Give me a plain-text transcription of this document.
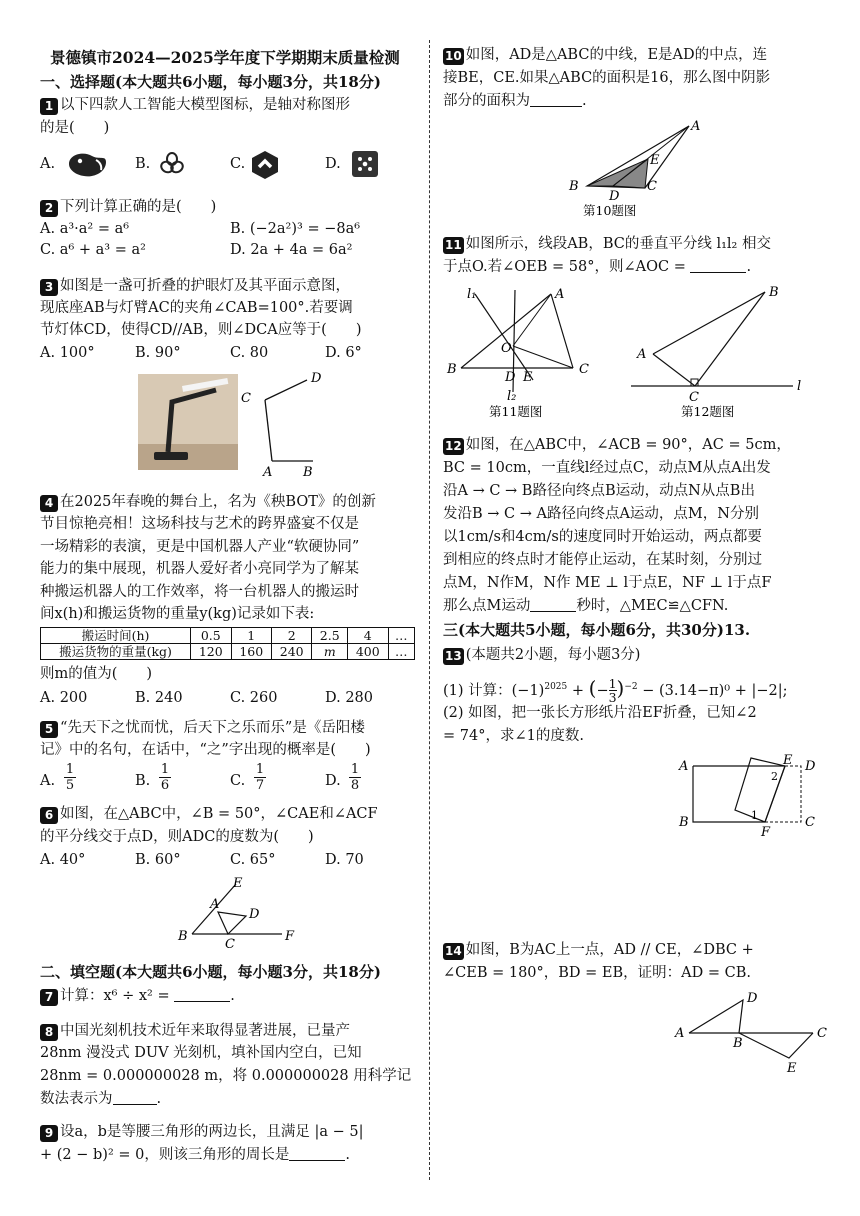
景德镇市2024—2025学年度下学期期末质量检测
一、选择题(本大题共6小题，每小题3分，共18分)
1 以下四款人工智能大模型图标，是轴对称图形
的是(　　)
A.	B.	C.	D.
2 下列计算正确的是(　　)
A. a³·a² = a⁶	B. (−2a²)³ = −8a⁶
C. a⁶ + a³ = a²	D. 2a + 4a = 6a²
3 如图是一盏可折叠的护眼灯及其平面示意图，
现底座AB与灯臂AC的夹角∠CAB=100°.若要调
节灯体CD，使得CD//AB，则∠DCA应等于(　　)
A. 100°	B. 90°	C. 80	D. 6°
C
D
A B
4 在2025年春晚的舞台上，名为《秧BOT》的创新
节目惊艳亮相！这场科技与艺术的跨界盛宴不仅是
一场精彩的表演，更是中国机器人产业“软硬协同”
能力的集中展现，机器人爱好者小亮同学为了解某
种搬运机器人的工作效率，将一台机器人的搬运时
间x(h)和搬运货物的重量y(kg)记录如下表:
搬运时间(h)	0.5	1	2	2.5	4	…
搬运货物的重量(kg)	120	160	240	m	400	…
则m的值为(　　)
A. 200	B. 240	C. 260	D. 280
5 “先天下之忧而忧，后天下之乐而乐”是《岳阳楼
记》中的名句，在话中，“之”字出现的概率是(　　)
A.
1
5	B.
1
6	C.
1
7	D.
1
8
6 如图，在△ABC中，∠B = 50°，∠CAE和∠ACF
的平分线交于点D，则ADC的度数为(　　)
A. 40°	B. 60°	C. 65°	D. 70
E
A
D
B
C
F
二、填空题(本大题共6小题，每小题3分，共18分)
7 计算：x⁶ ÷ x² =	.
8 中国光刻机技术近年来取得显著进展，已量产
28nm 漫没式 DUV 光刻机，填补国内空白，已知
28nm = 0.000000028 m，将 0.000000028 用科学记
数法表示为	.
9 设a，b是等腰三角形的两边长，且满足 |a − 5|
+ (2 − b)² = 0，则该三角形的周长是	.
10 如图，AD是△ABC的中线，E是AD的中点，连
接BE，CE.如果△ABC的面积是16，那么图中阴影
部分的面积为	.
A
B	C
D
E
第10题图
11 如图所示，线段AB，BC的垂直平分线 l₁l₂ 相交
于点O.若∠OEB = 58°，则∠AOC =	.
l₁	A
O
B
D E
C
l₂
第11题图
B
A
C
l
第12题图
12 如图，在△ABC中，∠ACB = 90°，AC = 5cm，
BC = 10cm，一直线l经过点C，动点M从点A出发
沿A → C → B路径向终点B运动，动点N从点B出
发沿B → C → A路径向终点A运动，点M，N分别
以1cm/s和4cm/s的速度同时开始运动，两点都要
到相应的终点时才能停止运动，在某时刻，分别过
点M，N作M，N作 ME ⊥ l于点E，NF ⊥ l于点F
那么点M运动	秒时，△MEC≌△CFN.
三(本大题共5小题，每小题6分，共30分)13.
13 (本题共2小题，每小题3分)
(1) 计算：$(-1)^{2025}$ + (− $\frac{1}{3} )^{-2} - (3.14-\pi)^0 + |-2|$;
(2) 如图，把一张长方形纸片沿EF折叠，已知∠2
= 74°，求∠1的度数.
A	E D
2
B	1
F
C
14 如图，B为AC上一点，AD // CE，∠DBC +
∠CEB = 180°，BD = EB，证明：AD = CB.
D
A
B
C
E
